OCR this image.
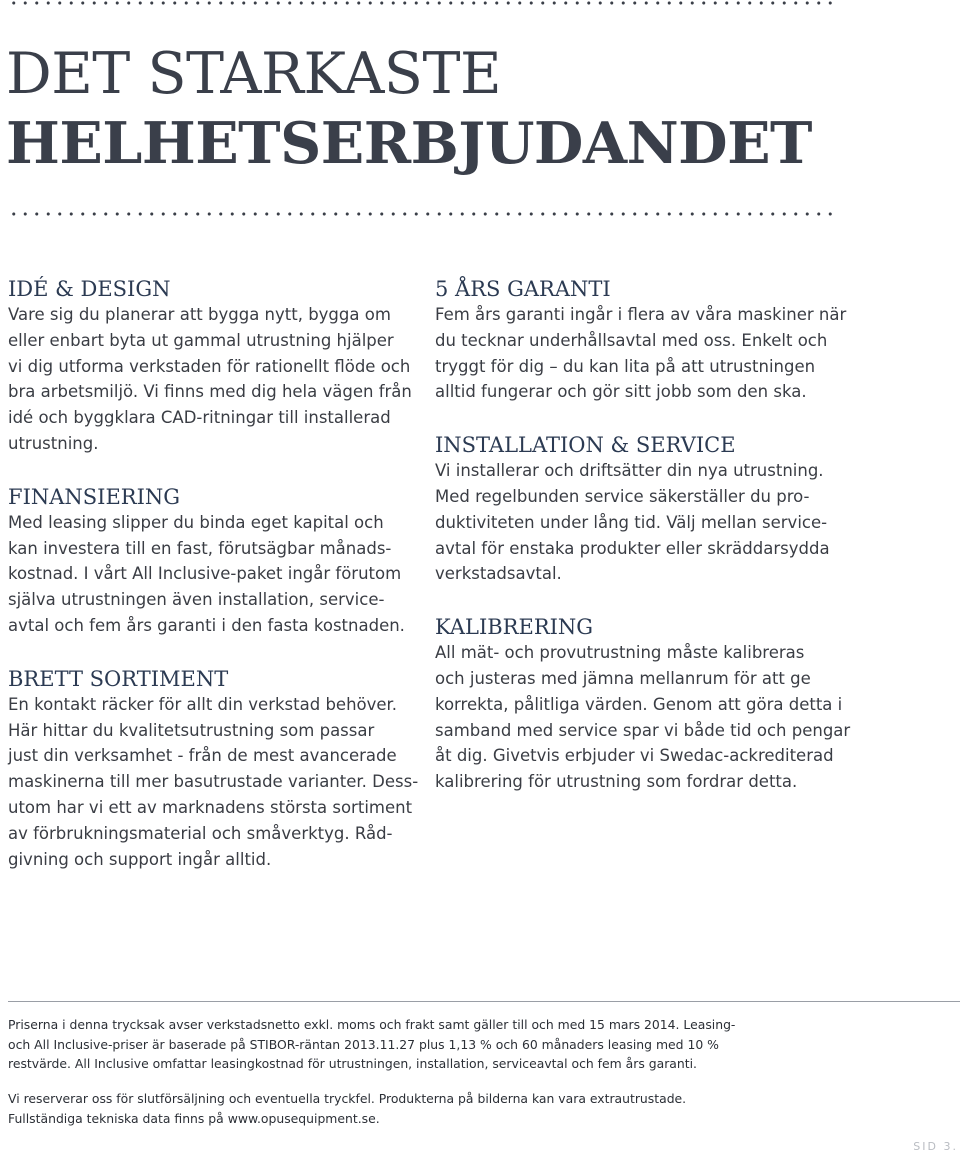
DET STARKASTE
HELHETSERBJUDANDET
IDÉ & DESIGN

Vare sig du planerar att bygga nytt, bygga om
eller enbart byta ut gammal utrustning hjälper
vi dig utforma verkstaden för rationellt flöde och
bra arbetsmiljö. Vi finns med dig hela vägen från
idé och byggklara CAD-ritningar till installerad
utrustning.

FINANSIERING

Med leasing slipper du binda eget kapital och
kan investera till en fast, förutsägbar månads-
kostnad. I vårt All Inclusive-paket ingår förutom
själva utrustningen även installation, service-
avtal och fem års garanti i den fasta kostnaden.

BRETT SORTIMENT

En kontakt räcker för allt din verkstad behöver.
Här hittar du kvalitetsutrustning som passar
just din verksamhet - från de mest avancerade
maskinerna till mer basutrustade varianter. Dess-
utom har vi ett av marknadens största sortiment
av förbrukningsmaterial och småverktyg. Råd-
givning och support ingår alltid.

5 ÅRS GARANTI

Fem års garanti ingår i flera av våra maskiner när
du tecknar underhållsavtal med oss. Enkelt och
tryggt för dig – du kan lita på att utrustningen
alltid fungerar och gör sitt jobb som den ska.

INSTALLATION & SERVICE

Vi installerar och driftsätter din nya utrustning.
Med regelbunden service säkerställer du pro-
duktiviteten under lång tid. Välj mellan service-
avtal för enstaka produkter eller skräddarsydda
verkstadsavtal.

KALIBRERING

All mät- och provutrustning måste kalibreras
och justeras med jämna mellanrum för att ge
korrekta, pålitliga värden. Genom att göra detta i
samband med service spar vi både tid och pengar
åt dig. Givetvis erbjuder vi Swedac-ackrediterad
kalibrering för utrustning som fordrar detta.

Priserna i denna trycksak avser verkstadsnetto exkl. moms och frakt samt gäller till och med 15 mars 2014. Leasing-
och All Inclusive-priser är baserade på STIBOR-räntan 2013.11.27 plus 1,13 % och 60 månaders leasing med 10 %
restvärde. All Inclusive omfattar leasingkostnad för utrustningen, installation, serviceavtal och fem års garanti.

Vi reserverar oss för slutförsäljning och eventuella tryckfel. Produkterna på bilderna kan vara extrautrustade.
Fullständiga tekniska data finns på www.opusequipment.se.

SID 3.
